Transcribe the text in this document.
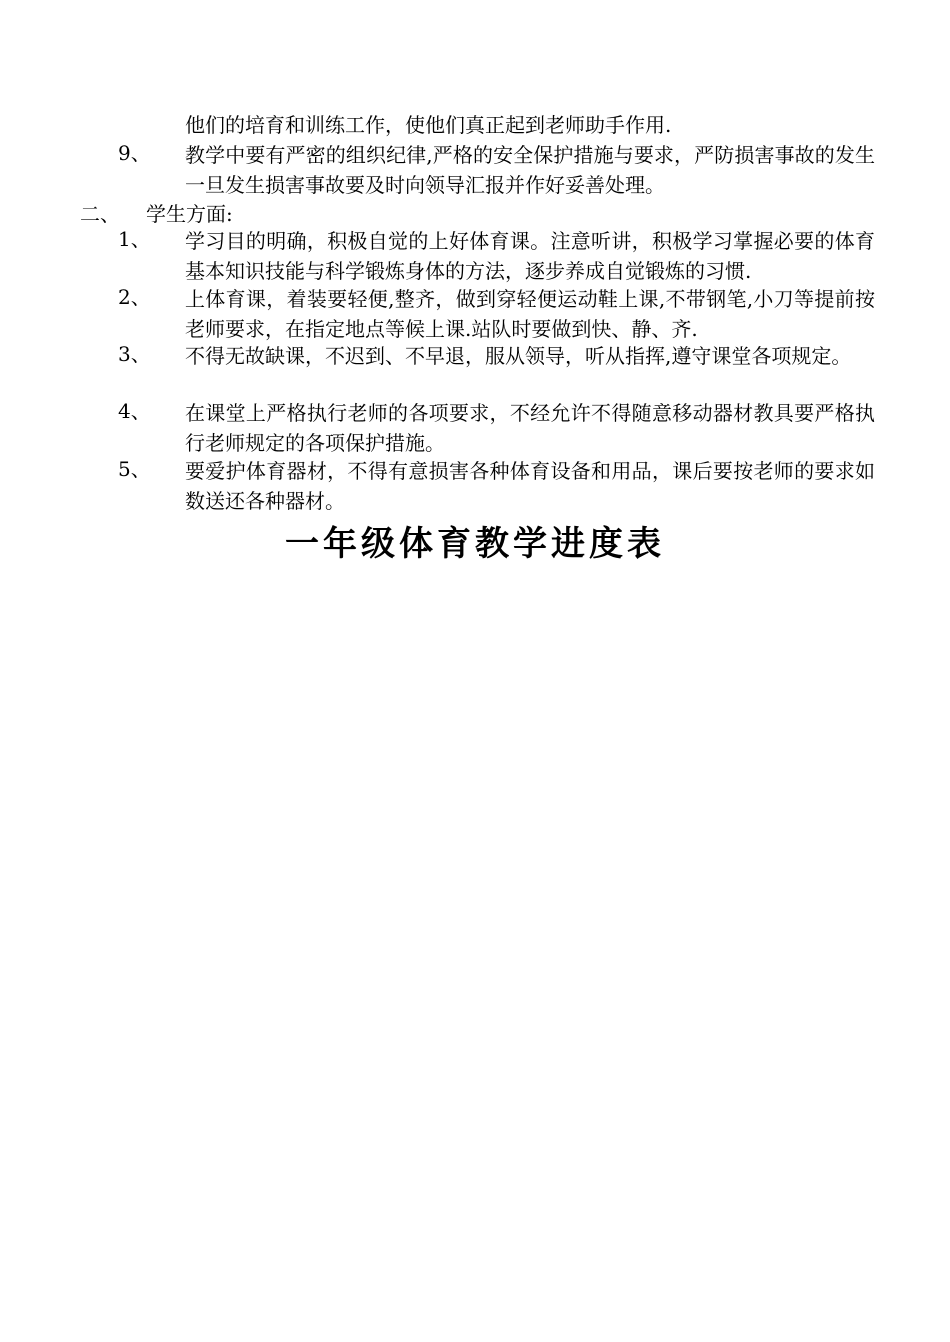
他们的培育和训练工作，使他们真正起到老师助手作用.
9、 教学中要有严密的组织纪律,严格的安全保护措施与要求，严防损害事故的发生一旦发生损害事故要及时向领导汇报并作好妥善处理。
二、 学生方面:
1、 学习目的明确，积极自觉的上好体育课。注意听讲，积极学习掌握必要的体育基本知识技能与科学锻炼身体的方法，逐步养成自觉锻炼的习惯.
2、 上体育课，着装要轻便,整齐，做到穿轻便运动鞋上课,不带钢笔,小刀等提前按老师要求，在指定地点等候上课.站队时要做到快、静、齐.
3、 不得无故缺课，不迟到、不早退，服从领导，听从指挥,遵守课堂各项规定。
4、 在课堂上严格执行老师的各项要求，不经允许不得随意移动器材教具要严格执行老师规定的各项保护措施。
5、 要爱护体育器材，不得有意损害各种体育设备和用品，课后要按老师的要求如数送还各种器材。
一年级体育教学进度表
